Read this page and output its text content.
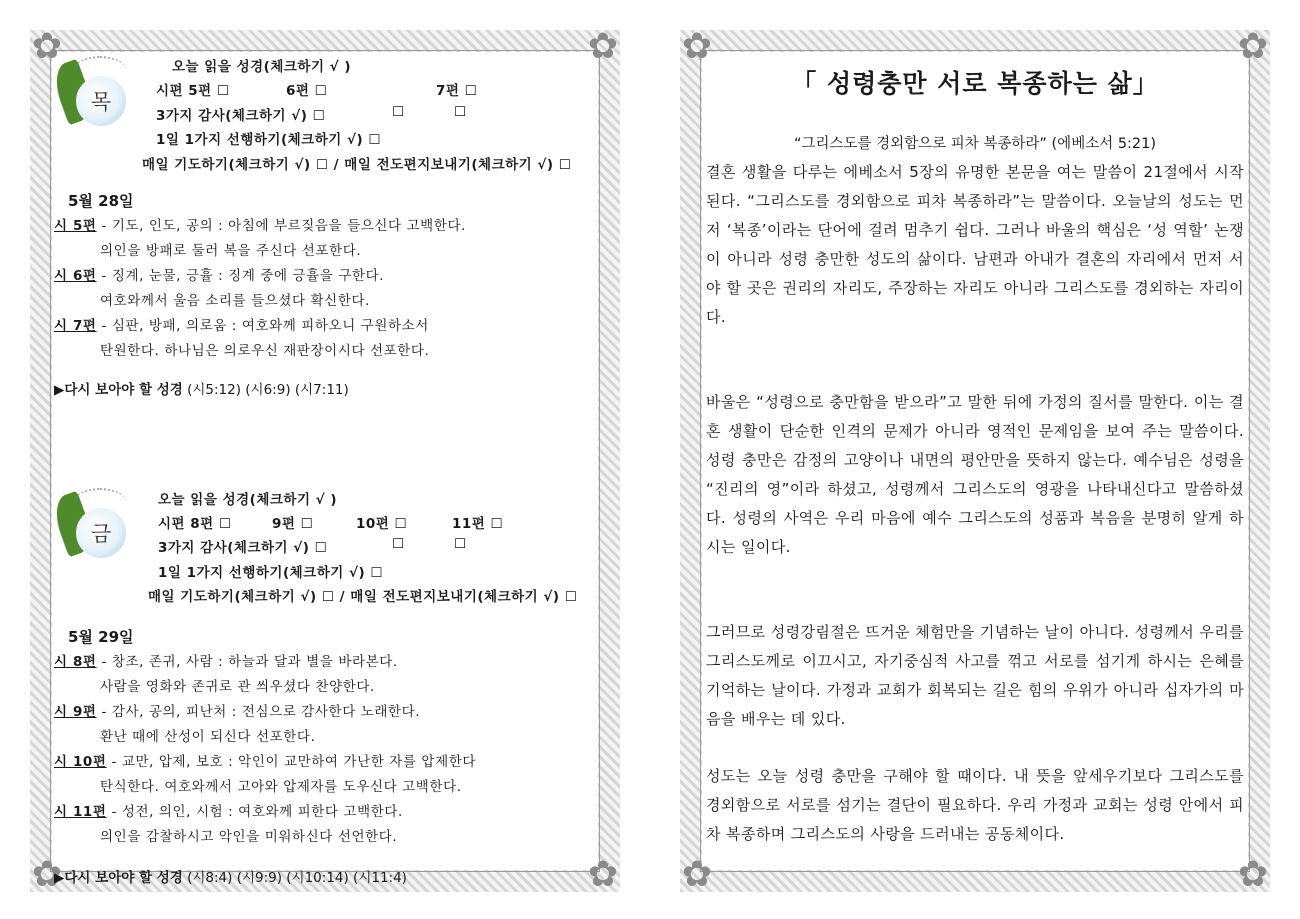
✿	✿
✿	✿
목
오늘 읽을 성경(체크하기 √ )
시편 5편 ☐	6편 ☐	7편 ☐
3가지 감사(체크하기 √) ☐	☐	☐
1일 1가지 선행하기(체크하기 √) ☐
매일 기도하기(체크하기 √) ☐ / 매일 전도편지보내기(체크하기 √) ☐
5월 28일
시 5편 - 기도, 인도, 공의 : 아침에 부르짖음을 들으신다 고백한다.
의인을 방패로 둘러 복을 주신다 선포한다.
시 6편 - 징계, 눈물, 긍휼 : 징계 중에 긍휼을 구한다.
여호와께서 울음 소리를 들으셨다 확신한다.
시 7편 - 심판, 방패, 의로움 : 여호와께 피하오니 구원하소서
탄원한다. 하나님은 의로우신 재판장이시다 선포한다.
▶다시 보아야 할 성경 (시5:12) (시6:9) (시7:11)
금
오늘 읽을 성경(체크하기 √ )
시편 8편 ☐	9편 ☐	10편 ☐	11편 ☐
3가지 감사(체크하기 √) ☐	☐	☐
1일 1가지 선행하기(체크하기 √) ☐
매일 기도하기(체크하기 √) ☐ / 매일 전도편지보내기(체크하기 √) ☐
5월 29일
시 8편 - 창조, 존귀, 사람 : 하늘과 달과 별을 바라본다.
사람을 영화와 존귀로 관 씌우셨다 찬양한다.
시 9편 - 감사, 공의, 피난처 : 전심으로 감사한다 노래한다.
환난 때에 산성이 되신다 선포한다.
시 10편 - 교만, 압제, 보호 : 악인이 교만하여 가난한 자를 압제한다
탄식한다. 여호와께서 고아와 압제자를 도우신다 고백한다.
시 11편 - 성전, 의인, 시험 : 여호와께 피한다 고백한다.
의인을 감찰하시고 악인을 미워하신다 선언한다.
▶다시 보아야 할 성경 (시8:4) (시9:9) (시10:14) (시11:4)
✿	✿
✿	✿
「 성령충만 서로 복종하는 삶」
“그리스도를 경외함으로 피차 복종하라” (에베소서 5:21)

결혼 생활을 다루는 에베소서 5장의 유명한 본문을 여는 말씀이 21절에서 시작된다. “그리스도를 경외함으로 피차 복종하라”는 말씀이다. 오늘날의 성도는 먼저 ‘복종’이라는 단어에 걸려 멈추기 쉽다. 그러나 바울의 핵심은 ‘성 역할’ 논쟁이 아니라 성령 충만한 성도의 삶이다. 남편과 아내가 결혼의 자리에서 먼저 서야 할 곳은 권리의 자리도, 주장하는 자리도 아니라 그리스도를 경외하는 자리이다.

바울은 “성령으로 충만함을 받으라”고 말한 뒤에 가정의 질서를 말한다. 이는 결혼 생활이 단순한 인격의 문제가 아니라 영적인 문제임을 보여 주는 말씀이다. 성령 충만은 감정의 고양이나 내면의 평안만을 뜻하지 않는다. 예수님은 성령을 “진리의 영”이라 하셨고, 성령께서 그리스도의 영광을 나타내신다고 말씀하셨다. 성령의 사역은 우리 마음에 예수 그리스도의 성품과 복음을 분명히 알게 하시는 일이다.

그러므로 성령강림절은 뜨거운 체험만을 기념하는 날이 아니다. 성령께서 우리를 그리스도께로 이끄시고, 자기중심적 사고를 꺾고 서로를 섬기게 하시는 은혜를 기억하는 날이다. 가정과 교회가 회복되는 길은 힘의 우위가 아니라 십자가의 마음을 배우는 데 있다.

성도는 오늘 성령 충만을 구해야 할 때이다. 내 뜻을 앞세우기보다 그리스도를 경외함으로 서로를 섬기는 결단이 필요하다. 우리 가정과 교회는 성령 안에서 피차 복종하며 그리스도의 사랑을 드러내는 공동체이다.
